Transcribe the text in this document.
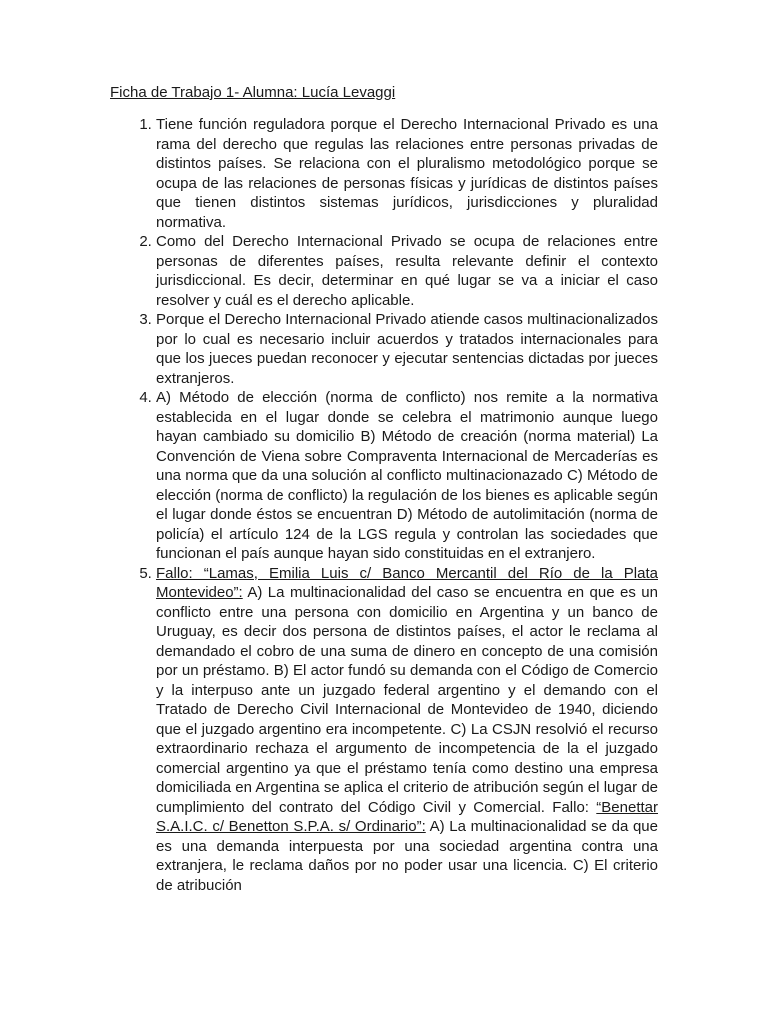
Ficha de Trabajo 1- Alumna: Lucía Levaggi

1. Tiene función reguladora porque el Derecho Internacional Privado es una rama del derecho que regulas las relaciones entre personas privadas de distintos países. Se relaciona con el pluralismo metodológico porque se ocupa de las relaciones de personas físicas y jurídicas de distintos países que tienen distintos sistemas jurídicos, jurisdicciones y pluralidad normativa.
2. Como del Derecho Internacional Privado se ocupa de relaciones entre personas de diferentes países, resulta relevante definir el contexto jurisdiccional. Es decir, determinar en qué lugar se va a iniciar el caso resolver y cuál es el derecho aplicable.
3. Porque el Derecho Internacional Privado atiende casos multinacionalizados por lo cual es necesario incluir acuerdos y tratados internacionales para que los jueces puedan reconocer y ejecutar sentencias dictadas por jueces extranjeros.
4. A) Método de elección (norma de conflicto) nos remite a la normativa establecida en el lugar donde se celebra el matrimonio aunque luego hayan cambiado su domicilio B) Método de creación (norma material) La Convención de Viena sobre Compraventa Internacional de Mercaderías es una norma que da una solución al conflicto multinacionazado C) Método de elección (norma de conflicto) la regulación de los bienes es aplicable según el lugar donde éstos se encuentran D) Método de autolimitación (norma de policía) el artículo 124 de la LGS regula y controlan las sociedades que funcionan el país aunque hayan sido constituidas en el extranjero.
5. Fallo: “Lamas, Emilia Luis c/ Banco Mercantil del Río de la Plata Montevideo”: A) La multinacionalidad del caso se encuentra en que es un conflicto entre una persona con domicilio en Argentina y un banco de Uruguay, es decir dos persona de distintos países, el actor le reclama al demandado el cobro de una suma de dinero en concepto de una comisión por un préstamo. B) El actor fundó su demanda con el Código de Comercio y la interpuso ante un juzgado federal argentino y el demando con el Tratado de Derecho Civil Internacional de Montevideo de 1940, diciendo que el juzgado argentino era incompetente. C) La CSJN resolvió el recurso extraordinario rechaza el argumento de incompetencia de la el juzgado comercial argentino ya que el préstamo tenía como destino una empresa domiciliada en Argentina se aplica el criterio de atribución según el lugar de cumplimiento del contrato del Código Civil y Comercial. Fallo: “Benettar S.A.I.C. c/ Benetton S.P.A. s/ Ordinario”: A) La multinacionalidad se da que es una demanda interpuesta por una sociedad argentina contra una extranjera, le reclama daños por no poder usar una licencia. C) El criterio de atribución
